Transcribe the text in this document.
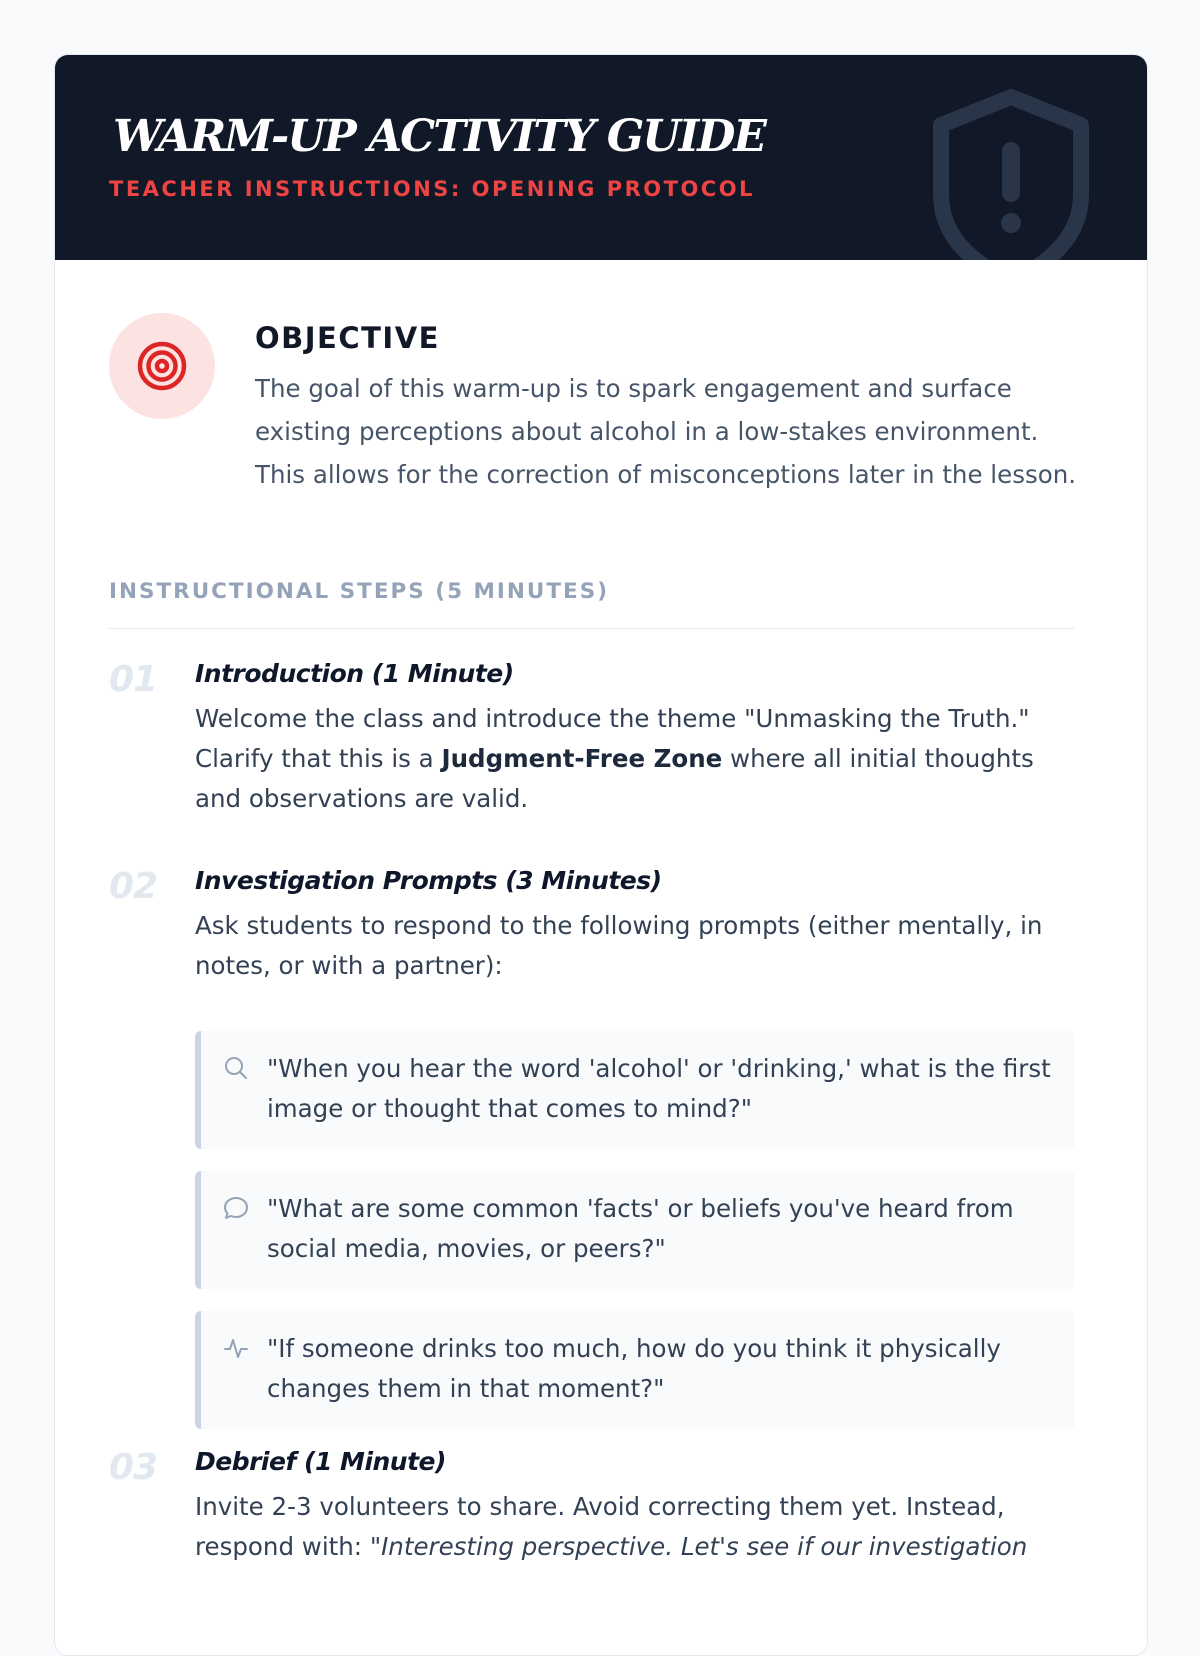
WARM-UP ACTIVITY GUIDE
TEACHER INSTRUCTIONS: OPENING PROTOCOL
OBJECTIVE
The goal of this warm-up is to spark engagement and surface existing perceptions about alcohol in a low-stakes environment. This allows for the correction of misconceptions later in the lesson.
INSTRUCTIONAL STEPS (5 MINUTES)
01 Introduction (1 Minute)
Welcome the class and introduce the theme "Unmasking the Truth." Clarify that this is a Judgment-Free Zone where all initial thoughts and observations are valid.
02 Investigation Prompts (3 Minutes)
Ask students to respond to the following prompts (either mentally, in notes, or with a partner):
"When you hear the word 'alcohol' or 'drinking,' what is the first image or thought that comes to mind?"
"What are some common 'facts' or beliefs you've heard from social media, movies, or peers?"
"If someone drinks too much, how do you think it physically changes them in that moment?"
03 Debrief (1 Minute)
Invite 2-3 volunteers to share. Avoid correcting them yet. Instead, respond with: "Interesting perspective. Let's see if our investigation
